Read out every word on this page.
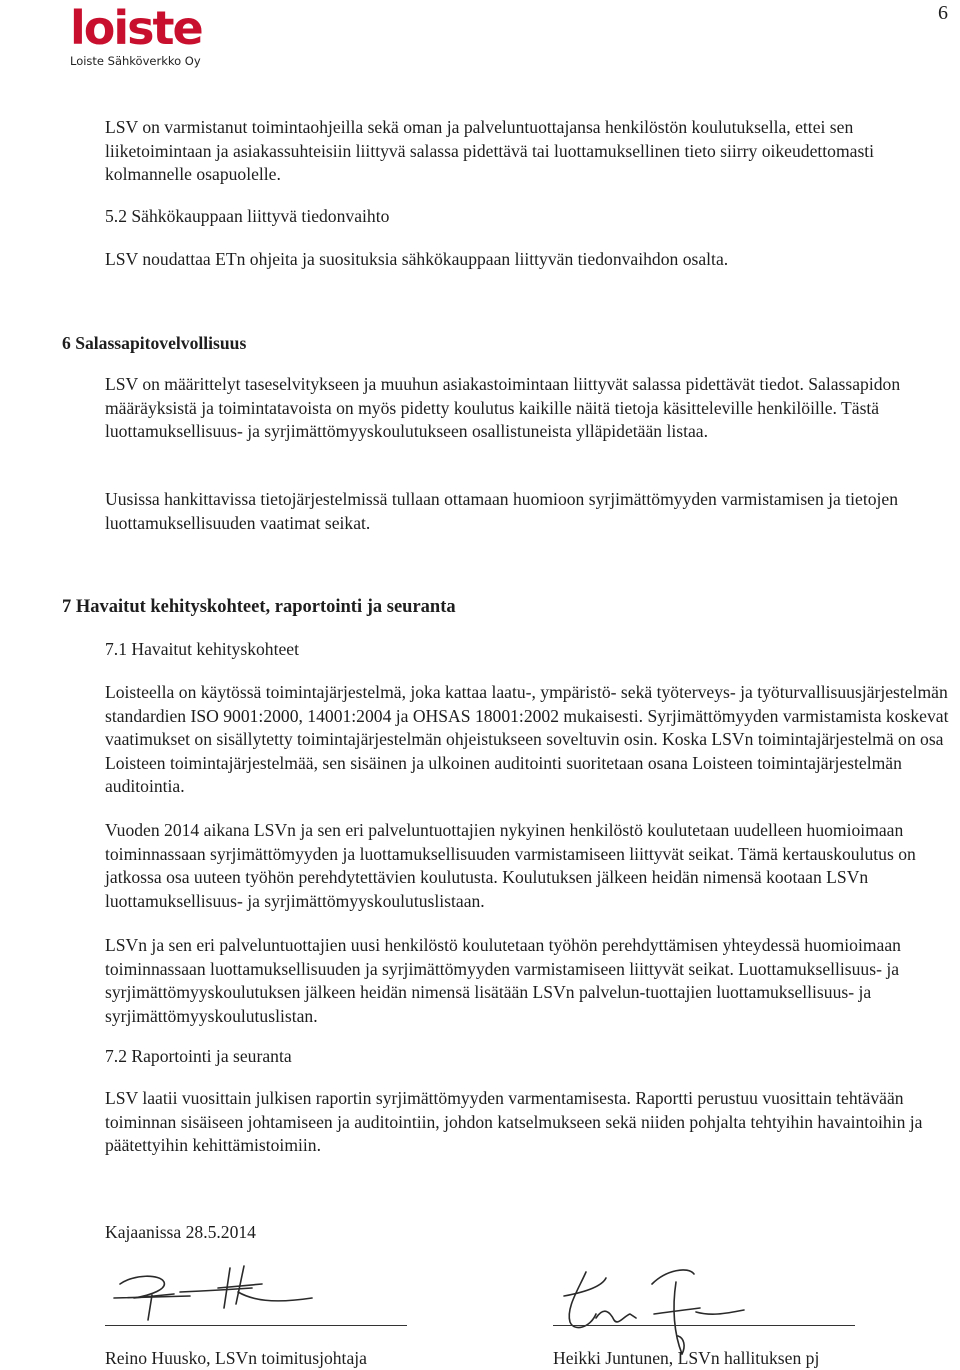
loiste
Loiste Sähköverkko Oy
6

LSV on varmistanut toimintaohjeilla sekä oman ja palveluntuottajansa henkilöstön koulutuksella, ettei sen liiketoimintaan ja asiakassuhteisiin liittyvä salassa pidettävä tai luottamuksellinen tieto siirry oikeudettomasti kolmannelle osapuolelle.

5.2 Sähkökauppaan liittyvä tiedonvaihto

LSV noudattaa ETn ohjeita ja suosituksia sähkökauppaan liittyvän tiedonvaihdon osalta.

6 Salassapitovelvollisuus

LSV on määrittelyt taseselvitykseen ja muuhun asiakastoimintaan liittyvät salassa pidettävät tiedot. Salassapidon määräyksistä ja toimintatavoista on myös pidetty koulutus kaikille näitä tietoja käsitteleville henkilöille. Tästä luottamuksellisuus- ja syrjimättömyyskoulutukseen osallistuneista ylläpidetään listaa.

Uusissa hankittavissa tietojärjestelmissä tullaan ottamaan huomioon syrjimättömyyden varmistamisen ja tietojen luottamuksellisuuden vaatimat seikat.

7 Havaitut kehityskohteet, raportointi ja seuranta

7.1 Havaitut kehityskohteet

Loisteella on käytössä toimintajärjestelmä, joka kattaa laatu-, ympäristö- sekä työterveys- ja työturvallisuusjärjestelmän standardien ISO 9001:2000, 14001:2004 ja OHSAS 18001:2002 mukaisesti. Syrjimättömyyden varmistamista koskevat vaatimukset on sisällytetty toimintajärjestelmän ohjeistukseen soveltuvin osin. Koska LSVn toimintajärjestelmä on osa Loisteen toimintajärjestelmää, sen sisäinen ja ulkoinen auditointi suoritetaan osana Loisteen toimintajärjestelmän auditointia.

Vuoden 2014 aikana LSVn ja sen eri palveluntuottajien nykyinen henkilöstö koulutetaan uudelleen huomioimaan toiminnassaan syrjimättömyyden ja luottamuksellisuuden varmistamiseen liittyvät seikat. Tämä kertauskoulutus on jatkossa osa uuteen työhön perehdytettävien koulutusta. Koulutuksen jälkeen heidän nimensä kootaan LSVn luottamuksellisuus- ja syrjimättömyyskoulutuslistaan.

LSVn ja sen eri palveluntuottajien uusi henkilöstö koulutetaan työhön perehdyttämisen yhteydessä huomioimaan toiminnassaan luottamuksellisuuden ja syrjimättömyyden varmistamiseen liittyvät seikat. Luottamuksellisuus- ja syrjimättömyyskoulutuksen jälkeen heidän nimensä lisätään LSVn palvelun-tuottajien luottamuksellisuus- ja syrjimättömyyskoulutuslistan.

7.2 Raportointi ja seuranta

LSV laatii vuosittain julkisen raportin syrjimättömyyden varmentamisesta. Raportti perustuu vuosittain tehtävään toiminnan sisäiseen johtamiseen ja auditointiin, johdon katselmukseen sekä niiden pohjalta tehtyihin havaintoihin ja päätettyihin kehittämistoimiin.

Kajaanissa 28.5.2014

Reino Huusko, LSVn toimitusjohtaja	Heikki Juntunen, LSVn hallituksen pj
